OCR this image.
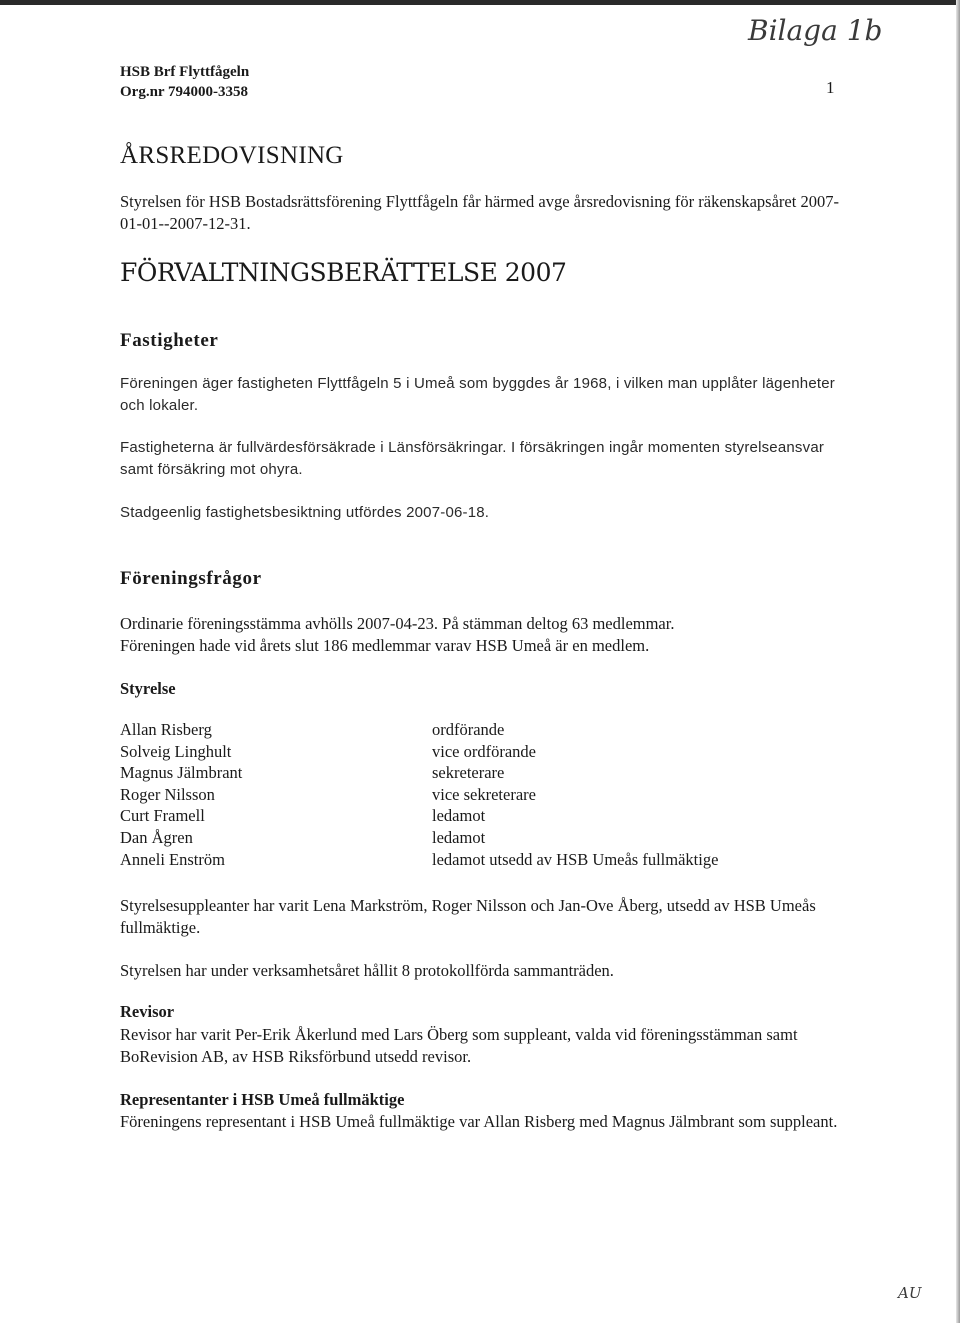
Bilaga 1b
1
HSB Brf Flyttfågeln
Org.nr 794000-3358
ÅRSREDOVISNING
Styrelsen för HSB Bostadsrättsförening Flyttfågeln får härmed avge årsredovisning för räkenskapsåret 2007-01-01--2007-12-31.
FÖRVALTNINGSBERÄTTELSE 2007
Fastigheter
Föreningen äger fastigheten Flyttfågeln 5 i Umeå som byggdes år 1968, i vilken man upplåter lägenheter och lokaler.
Fastigheterna är fullvärdesförsäkrade i Länsförsäkringar. I försäkringen ingår momenten styrelseansvar samt försäkring mot ohyra.
Stadgeenlig fastighetsbesiktning utfördes 2007-06-18.
Föreningsfrågor
Ordinarie föreningsstämma avhölls 2007-04-23. På stämman deltog 63 medlemmar.
Föreningen hade vid årets slut 186 medlemmar varav HSB Umeå är en medlem.
Styrelse
Allan Risberg	ordförande
Solveig Linghult	vice ordförande
Magnus Jälmbrant	sekreterare
Roger Nilsson	vice sekreterare
Curt Framell	ledamot
Dan Ågren	ledamot
Anneli Enström	ledamot utsedd av HSB Umeås fullmäktige
Styrelsesuppleanter har varit Lena Markström, Roger Nilsson och Jan-Ove Åberg, utsedd av HSB Umeås fullmäktige.
Styrelsen har under verksamhetsåret hållit 8 protokollförda sammanträden.
Revisor
Revisor har varit Per-Erik Åkerlund med Lars Öberg som suppleant, valda vid föreningsstämman samt BoRevision AB, av HSB Riksförbund utsedd revisor.
Representanter i HSB Umeå fullmäktige
Föreningens representant i HSB Umeå fullmäktige var Allan Risberg med Magnus Jälmbrant som suppleant.
AU
